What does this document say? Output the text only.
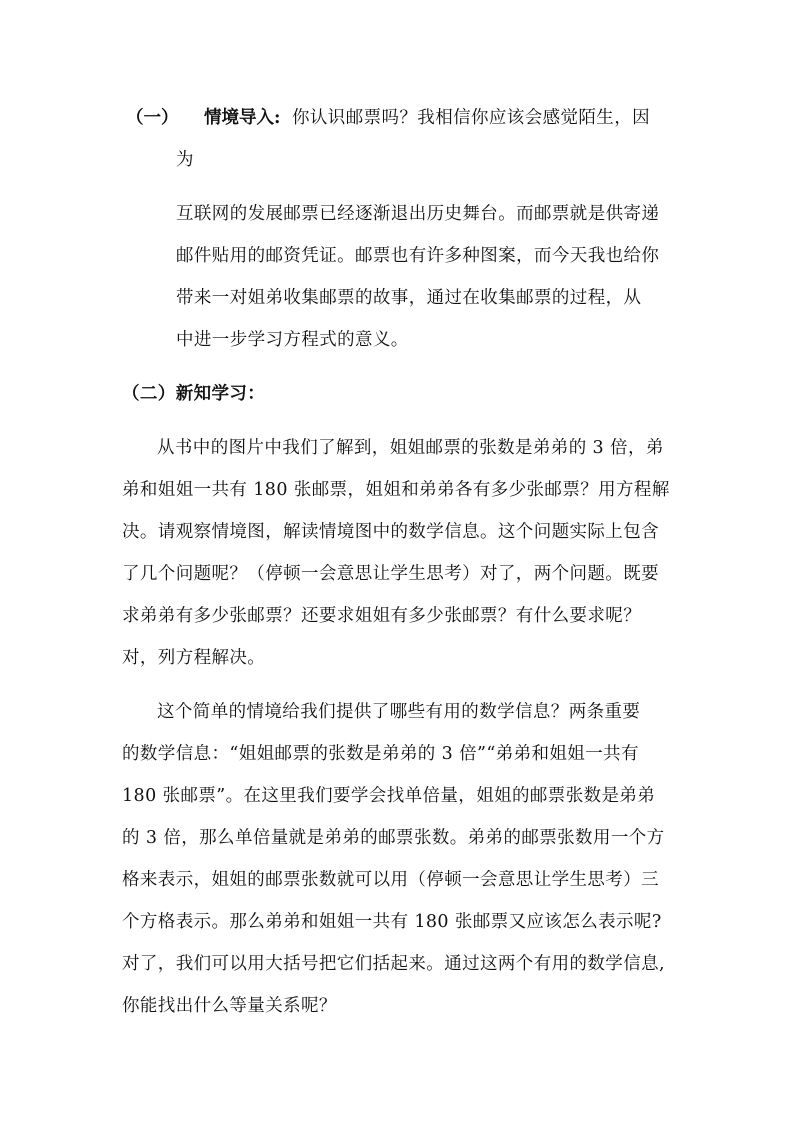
（一） 情境导入: 你认识邮票吗？我相信你应该会感觉陌生，因
为
互联网的发展邮票已经逐渐退出历史舞台。而邮票就是供寄递
邮件贴用的邮资凭证。邮票也有许多种图案，而今天我也给你
带来一对姐弟收集邮票的故事，通过在收集邮票的过程，从
中进一步学习方程式的意义。
（二）新知学习：
从书中的图片中我们了解到，姐姐邮票的张数是弟弟的 3 倍，弟
弟和姐姐一共有 180 张邮票，姐姐和弟弟各有多少张邮票？用方程解
决。请观察情境图，解读情境图中的数学信息。这个问题实际上包含
了几个问题呢？（停顿一会意思让学生思考）对了，两个问题。既要
求弟弟有多少张邮票？还要求姐姐有多少张邮票？有什么要求呢？
对，列方程解决。
这个简单的情境给我们提供了哪些有用的数学信息？两条重要
的数学信息：“姐姐邮票的张数是弟弟的 3 倍”“弟弟和姐姐一共有
180 张邮票”。在这里我们要学会找单倍量，姐姐的邮票张数是弟弟
的 3 倍，那么单倍量就是弟弟的邮票张数。弟弟的邮票张数用一个方
格来表示，姐姐的邮票张数就可以用（停顿一会意思让学生思考）三
个方格表示。那么弟弟和姐姐一共有 180 张邮票又应该怎么表示呢?
对了，我们可以用大括号把它们括起来。通过这两个有用的数学信息,
你能找出什么等量关系呢？
